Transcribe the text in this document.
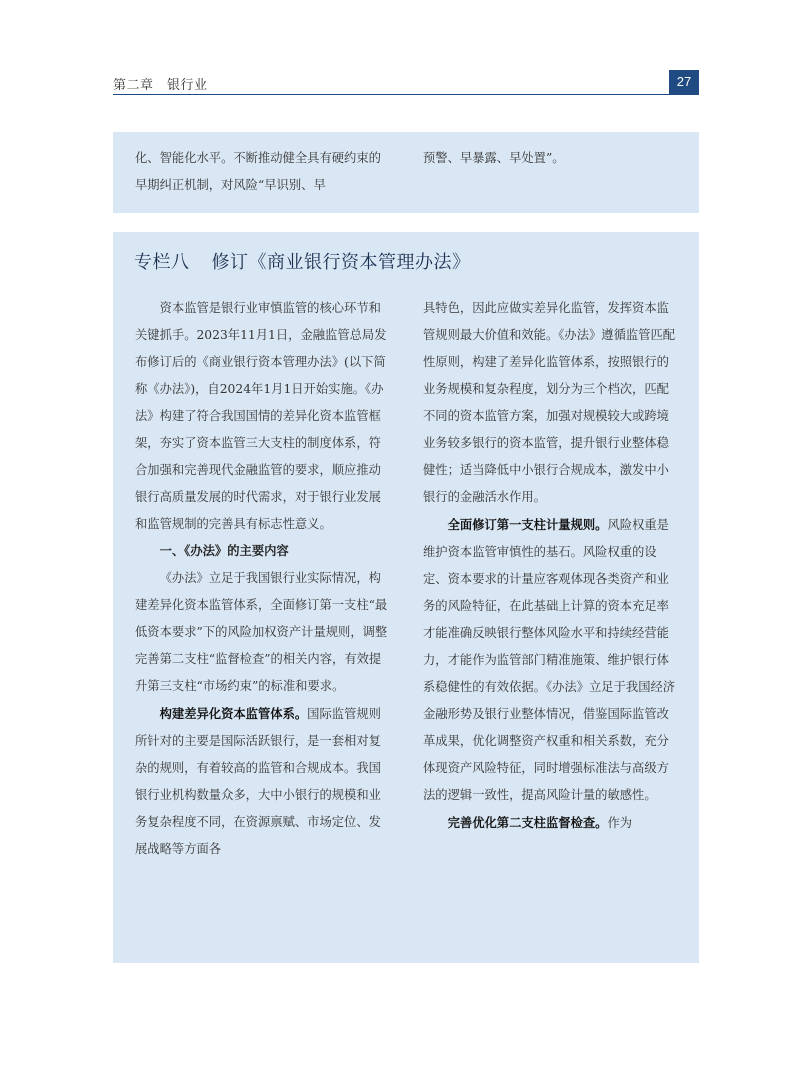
第二章　银行业	27

化、智能化水平。不断推动健全具有硬约束的早期纠正机制，对风险“早识别、早

预警、早暴露、早处置”。

专栏八 修订《商业银行资本管理办法》

资本监管是银行业审慎监管的核心环节和关键抓手。2023年11月1日，金融监管总局发布修订后的《商业银行资本管理办法》(以下简称《办法》)，自2024年1月1日开始实施。《办法》构建了符合我国国情的差异化资本监管框架，夯实了资本监管三大支柱的制度体系，符合加强和完善现代金融监管的要求，顺应推动银行高质量发展的时代需求，对于银行业发展和监管规制的完善具有标志性意义。

一、《办法》的主要内容

《办法》立足于我国银行业实际情况，构建差异化资本监管体系，全面修订第一支柱“最低资本要求”下的风险加权资产计量规则，调整完善第二支柱“监督检查”的相关内容，有效提升第三支柱“市场约束”的标准和要求。

构建差异化资本监管体系。国际监管规则所针对的主要是国际活跃银行，是一套相对复杂的规则，有着较高的监管和合规成本。我国银行业机构数量众多，大中小银行的规模和业务复杂程度不同，在资源禀赋、市场定位、发展战略等方面各

具特色，因此应做实差异化监管，发挥资本监管规则最大价值和效能。《办法》遵循监管匹配性原则，构建了差异化监管体系，按照银行的业务规模和复杂程度，划分为三个档次，匹配不同的资本监管方案，加强对规模较大或跨境业务较多银行的资本监管，提升银行业整体稳健性；适当降低中小银行合规成本，激发中小银行的金融活水作用。

全面修订第一支柱计量规则。风险权重是维护资本监管审慎性的基石。风险权重的设定、资本要求的计量应客观体现各类资产和业务的风险特征，在此基础上计算的资本充足率才能准确反映银行整体风险水平和持续经营能力，才能作为监管部门精准施策、维护银行体系稳健性的有效依据。《办法》立足于我国经济金融形势及银行业整体情况，借鉴国际监管改革成果，优化调整资产权重和相关系数，充分体现资产风险特征，同时增强标准法与高级方法的逻辑一致性，提高风险计量的敏感性。

完善优化第二支柱监督检查。作为
